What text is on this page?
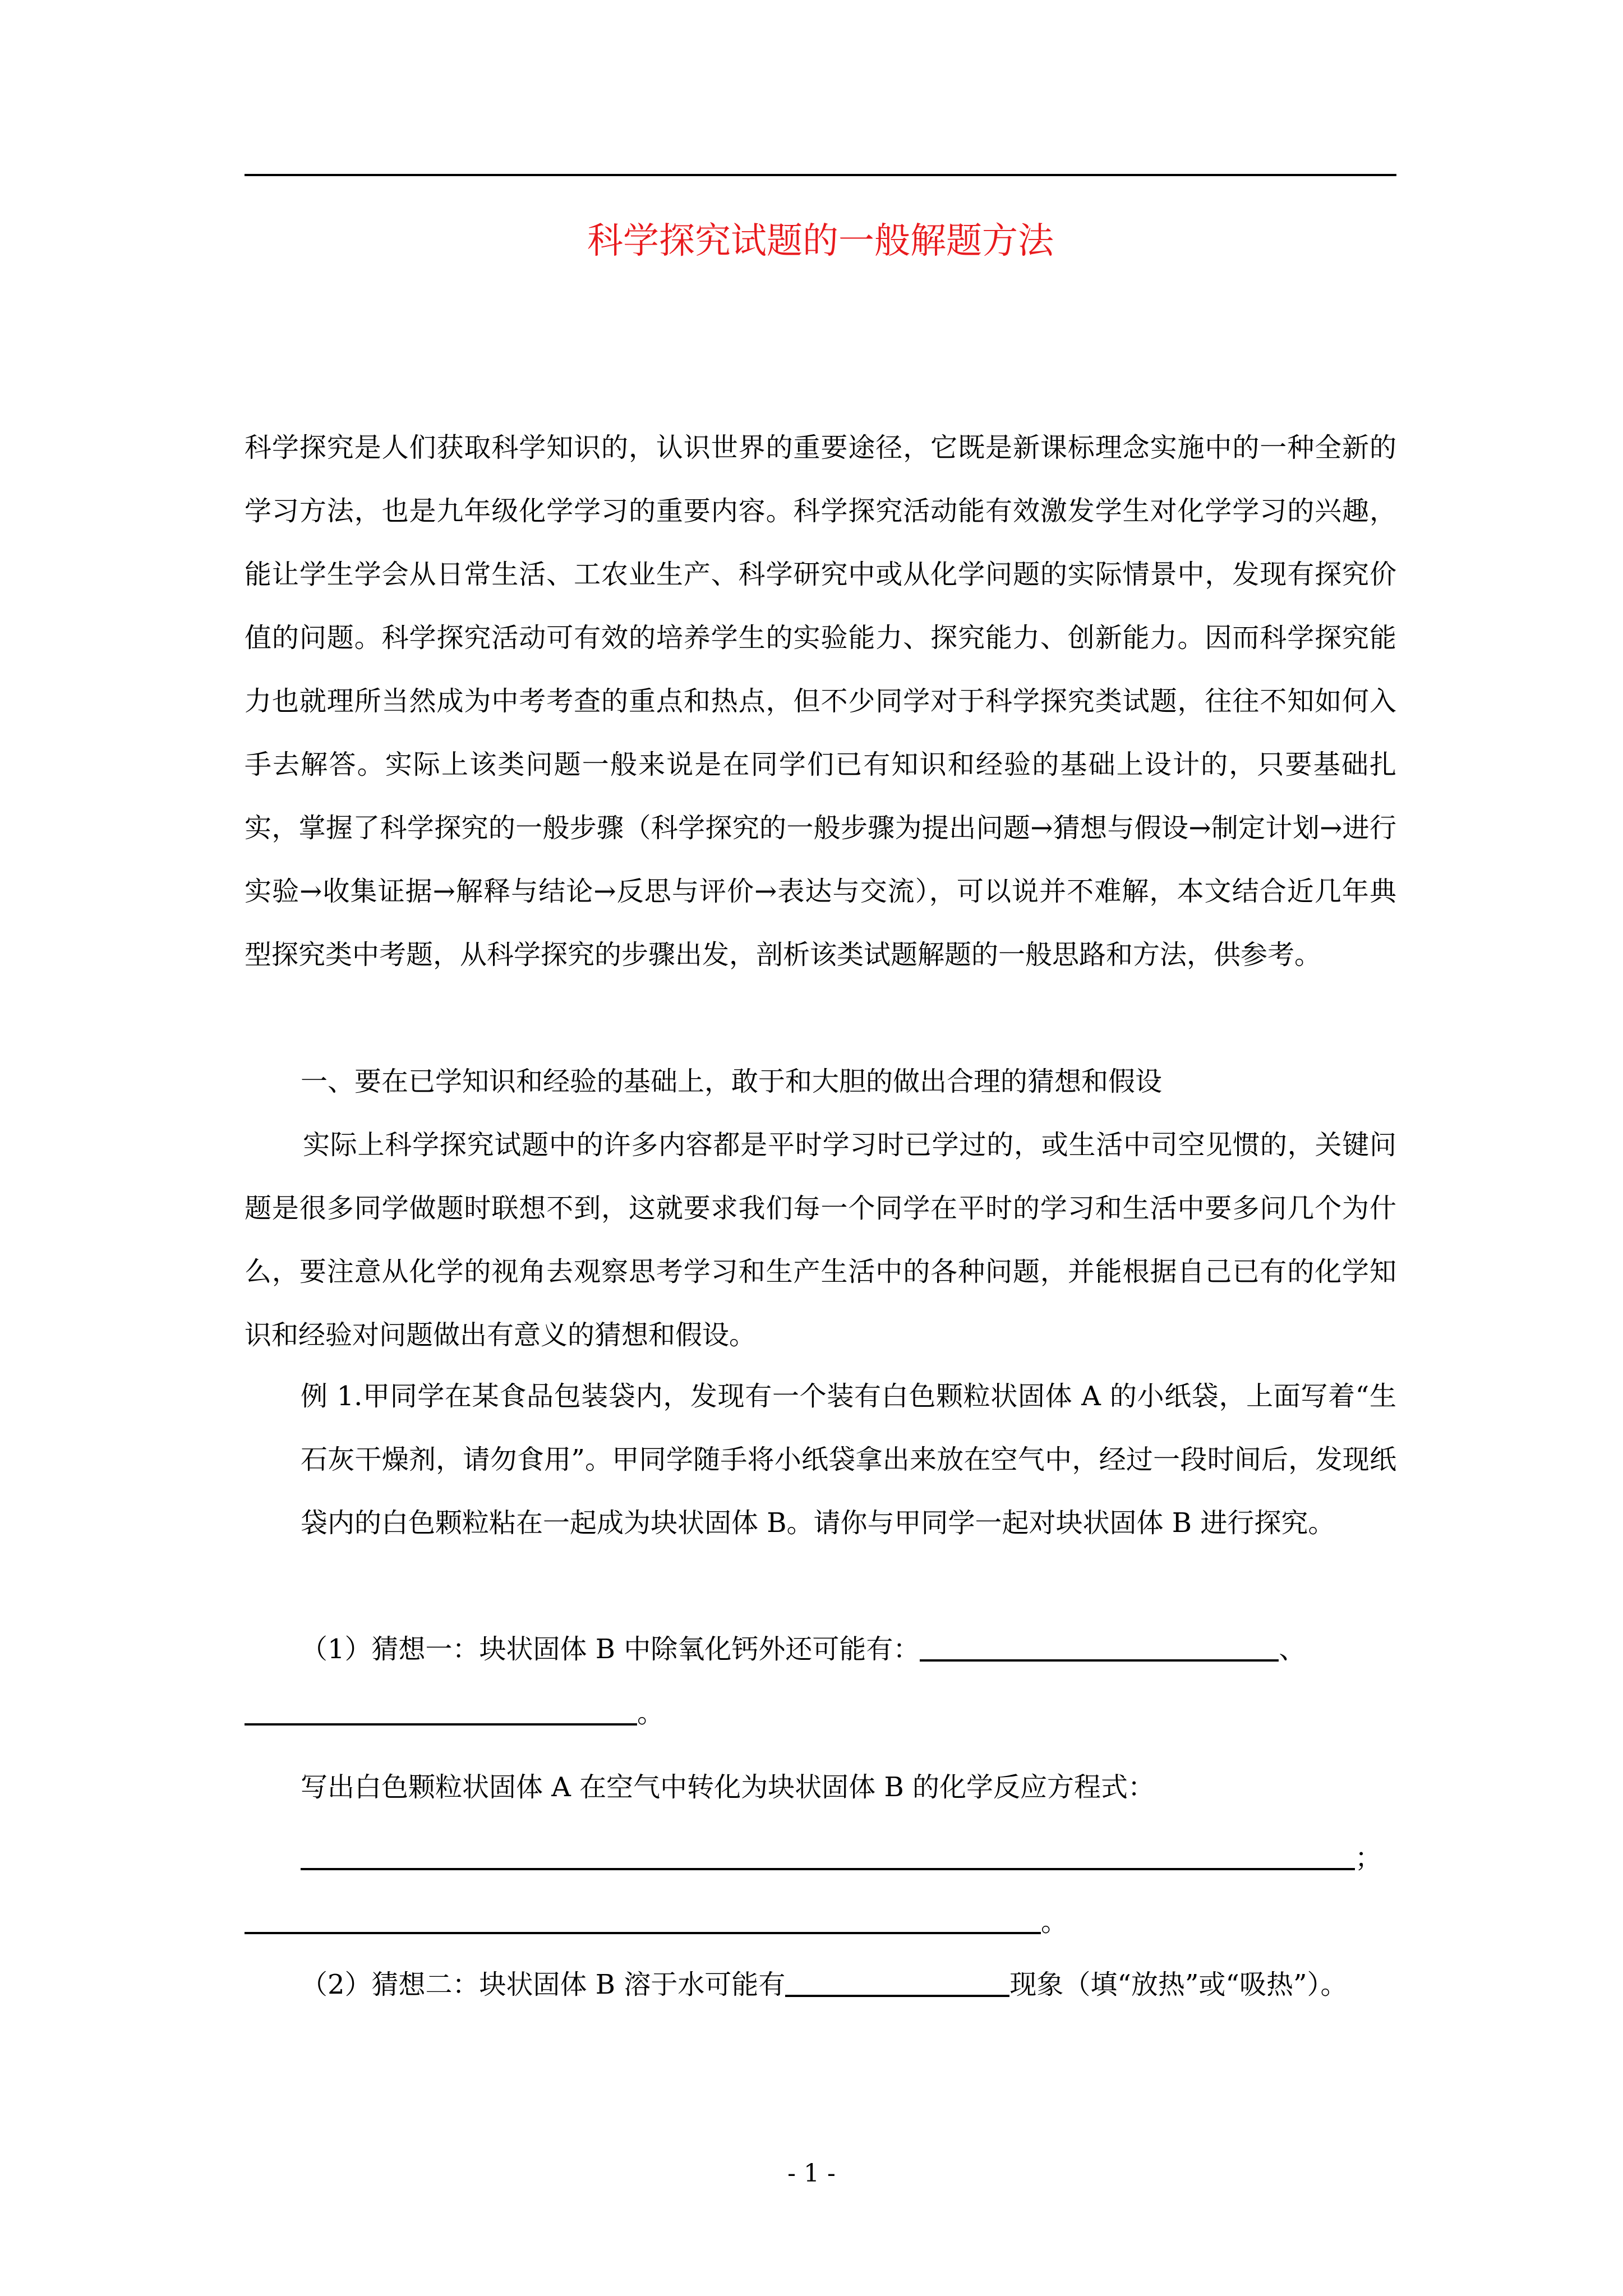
科学探究试题的一般解题方法
科学探究是人们获取科学知识的，认识世界的重要途径，它既是新课标理念实施中的一种全新的学习方法，也是九年级化学学习的重要内容。科学探究活动能有效激发学生对化学学习的兴趣，能让学生学会从日常生活、工农业生产、科学研究中或从化学问题的实际情景中，发现有探究价值的问题。科学探究活动可有效的培养学生的实验能力、探究能力、创新能力。因而科学探究能力也就理所当然成为中考考查的重点和热点，但不少同学对于科学探究类试题，往往不知如何入手去解答。实际上该类问题一般来说是在同学们已有知识和经验的基础上设计的，只要基础扎实，掌握了科学探究的一般步骤（科学探究的一般步骤为提出问题→猜想与假设→制定计划→进行实验→收集证据→解释与结论→反思与评价→表达与交流），可以说并不难解，本文结合近几年典型探究类中考题，从科学探究的步骤出发，剖析该类试题解题的一般思路和方法，供参考。
一、要在已学知识和经验的基础上，敢于和大胆的做出合理的猜想和假设
实际上科学探究试题中的许多内容都是平时学习时已学过的，或生活中司空见惯的，关键问题是很多同学做题时联想不到，这就要求我们每一个同学在平时的学习和生活中要多问几个为什么，要注意从化学的视角去观察思考学习和生产生活中的各种问题，并能根据自己已有的化学知识和经验对问题做出有意义的猜想和假设。
例 1.甲同学在某食品包装袋内，发现有一个装有白色颗粒状固体 A 的小纸袋，上面写着“生石灰干燥剂，请勿食用”。甲同学随手将小纸袋拿出来放在空气中，经过一段时间后，发现纸袋内的白色颗粒粘在一起成为块状固体 B。请你与甲同学一起对块状固体 B 进行探究。
（1）猜想一：块状固体 B 中除氧化钙外还可能有：	、
。
写出白色颗粒状固体 A 在空气中转化为块状固体 B 的化学反应方程式：
；
。
（2）猜想二：块状固体 B 溶于水可能有	现象（填“放热”或“吸热”）。
- 1 -
